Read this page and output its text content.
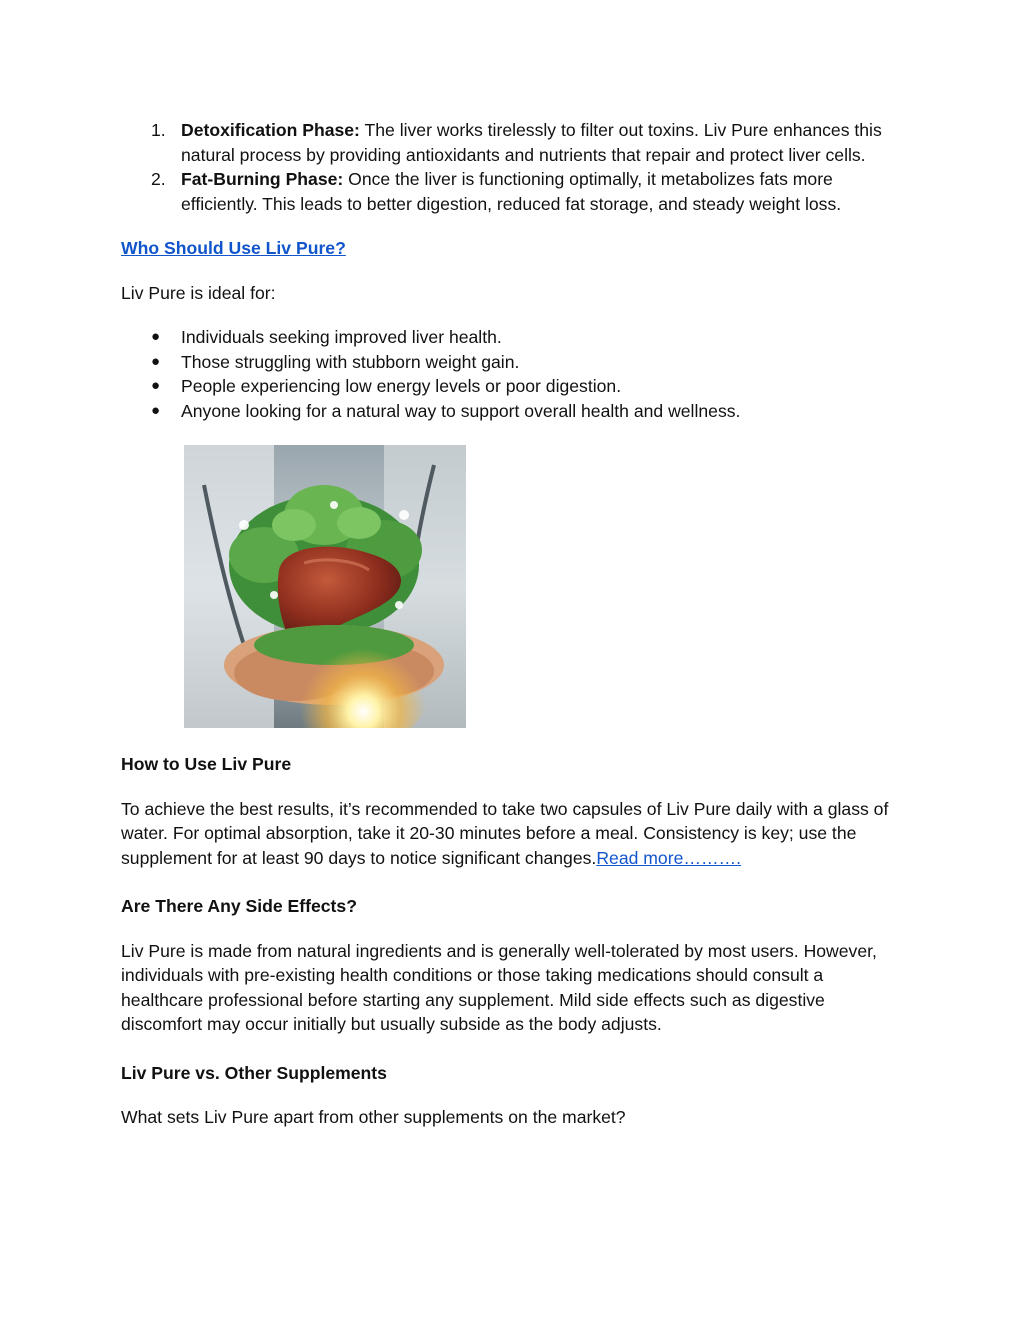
1. Detoxification Phase: The liver works tirelessly to filter out toxins. Liv Pure enhances this natural process by providing antioxidants and nutrients that repair and protect liver cells.
2. Fat-Burning Phase: Once the liver is functioning optimally, it metabolizes fats more efficiently. This leads to better digestion, reduced fat storage, and steady weight loss.
Who Should Use Liv Pure?

Liv Pure is ideal for:

● Individuals seeking improved liver health.
● Those struggling with stubborn weight gain.
● People experiencing low energy levels or poor digestion.
● Anyone looking for a natural way to support overall health and wellness.
How to Use Liv Pure

To achieve the best results, it’s recommended to take two capsules of Liv Pure daily with a glass of water. For optimal absorption, take it 20-30 minutes before a meal. Consistency is key; use the supplement for at least 90 days to notice significant changes.Read more……….

Are There Any Side Effects?

Liv Pure is made from natural ingredients and is generally well-tolerated by most users. However, individuals with pre-existing health conditions or those taking medications should consult a healthcare professional before starting any supplement. Mild side effects such as digestive discomfort may occur initially but usually subside as the body adjusts.

Liv Pure vs. Other Supplements

What sets Liv Pure apart from other supplements on the market?
